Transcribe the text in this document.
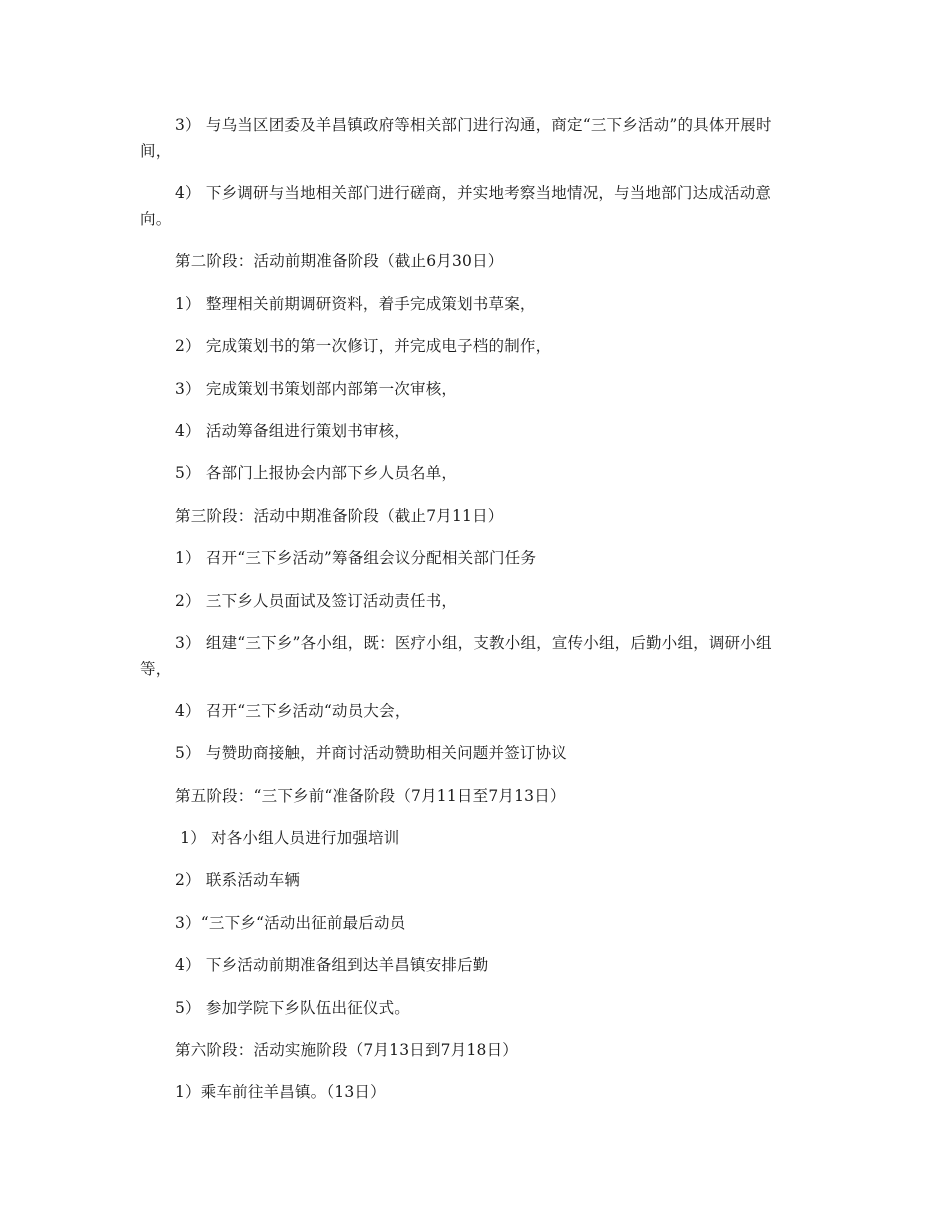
3） 与乌当区团委及羊昌镇政府等相关部门进行沟通，商定“三下乡活动”的具体开展时间，

4） 下乡调研与当地相关部门进行磋商，并实地考察当地情况，与当地部门达成活动意向。

第二阶段：活动前期准备阶段（截止6月30日）

1） 整理相关前期调研资料，着手完成策划书草案，

2） 完成策划书的第一次修订，并完成电子档的制作，

3） 完成策划书策划部内部第一次审核，

4） 活动筹备组进行策划书审核，

5） 各部门上报协会内部下乡人员名单，

第三阶段：活动中期准备阶段（截止7月11日）

1） 召开“三下乡活动”筹备组会议分配相关部门任务

2） 三下乡人员面试及签订活动责任书，

3） 组建“三下乡”各小组，既：医疗小组，支教小组，宣传小组，后勤小组，调研小组等，

4） 召开“三下乡活动“动员大会，

5） 与赞助商接触，并商讨活动赞助相关问题并签订协议

第五阶段：“三下乡前“准备阶段（7月11日至7月13日）

1） 对各小组人员进行加强培训

2） 联系活动车辆

3）“三下乡“活动出征前最后动员

4） 下乡活动前期准备组到达羊昌镇安排后勤

5） 参加学院下乡队伍出征仪式。

第六阶段：活动实施阶段（7月13日到7月18日）

1）乘车前往羊昌镇。（13日）
